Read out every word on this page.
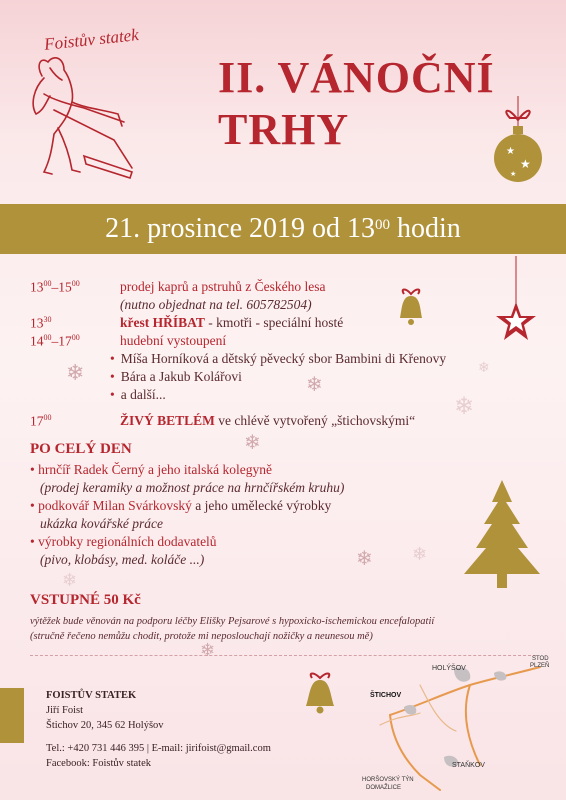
Foistův statek
II. VÁNOČNÍ
TRHY	★
★
★
21. prosince 2019 od $13^{00}$ hodin
$13^{00}-15^{00}$	prodej kaprů a pstruhů z Českého lesa
(nutno objednat na tel. 605782504)
$13^{30}$	křest HŘÍBAT - kmotři - speciální hosté
$14^{00}-17^{00}$	hudební vystoupení
• Míša Horníková a dětský pěvecký sbor Bambini di Křenovy
• Bára a Jakub Kolářovi
• a další...
$17^{00}$	ŽIVÝ BETLÉM ve chlévě vytvořený „štichovskými“
PO CELÝ DEN
• hrnčíř Radek Černý a jeho italská kolegyně
(prodej keramiky a možnost práce na hrnčířském kruhu)
• podkovář Milan Svárkovský a jeho umělecké výrobky
ukázka kovářské práce
• výrobky regionálních dodavatelů
(pivo, klobásy, med. koláče ...)
VSTUPNÉ 50 Kč
výtěžek bude věnován na podporu léčby Elišky Pejsarové s hypoxicko-ischemickou encefalopatií
(stručně řečeno nemůžu chodit, protože mi neposlouchají nožičky a neunesou mě)
FOISTŮV STATEK
Jiří Foist
Štichov 20, 345 62 Holýšov
Tel.: +420 731 446 395 | E-mail: jirifoist@gmail.com
Facebook: Foistův statek
HOLÝŠOV
STOD
PLZEŇ
ŠTICHOV
STAŇKOV
HORŠOVSKÝ TÝN
DOMAŽLICE
❄	❄
❄
❄
❄ ❄
❄
❄
❄
